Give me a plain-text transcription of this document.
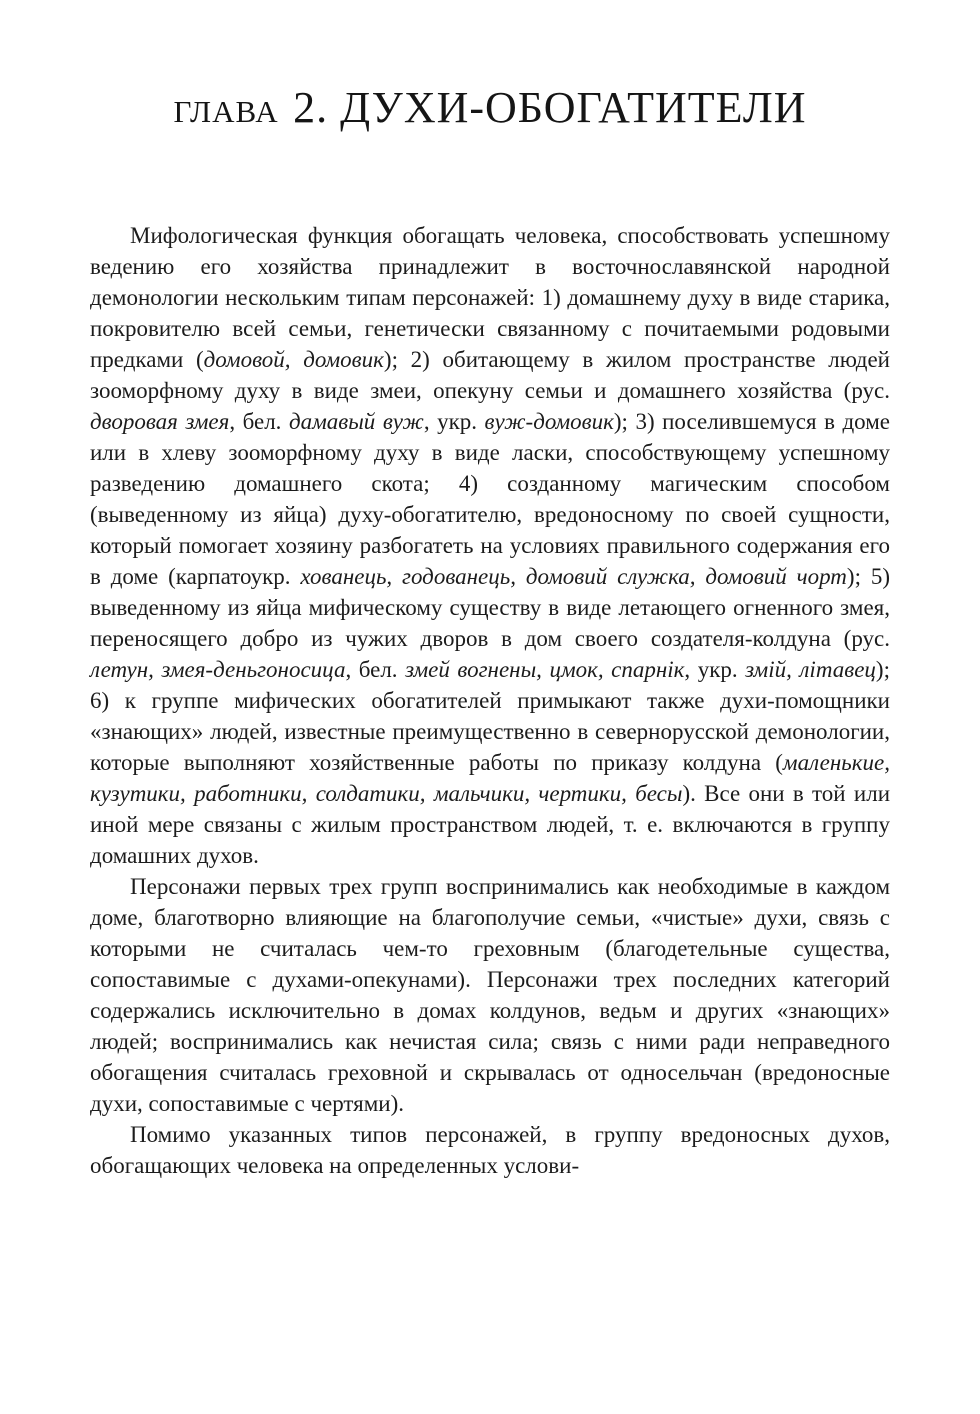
глава 2. ДУХИ-ОБОГАТИТЕЛИ

Мифологическая функция обогащать человека, способствовать успешному ведению его хозяйства принадлежит в восточнославянской народной демонологии нескольким типам персонажей: 1) домашнему духу в виде старика, покровителю всей семьи, генетически связанному с почитаемыми родовыми предками (домовой, домовик); 2) обитающему в жилом пространстве людей зооморфному духу в виде змеи, опекуну семьи и домашнего хозяйства (рус. дворовая змея, бел. дамавый вуж, укр. вуж-домовик); 3) поселившемуся в доме или в хлеву зооморфному духу в виде ласки, способствующему успешному разведению домашнего скота; 4) созданному магическим способом (выведенному из яйца) духу-обогатителю, вредоносному по своей сущности, который помогает хозяину разбогатеть на условиях правильного содержания его в доме (карпатоукр. хованець, годованець, домовий служка, домовий чорт); 5) выведенному из яйца мифическому существу в виде летающего огненного змея, переносящего добро из чужих дворов в дом своего создателя-колдуна (рус. летун, змея-деньгоносица, бел. змей вогнены, цмок, спарнік, укр. змій, літавец); 6) к группе мифических обогатителей примыкают также духи-помощники «знающих» людей, известные преимущественно в севернорусской демонологии, которые выполняют хозяйственные работы по приказу колдуна (маленькие, кузутики, работники, солдатики, мальчики, чертики, бесы). Все они в той или иной мере связаны с жилым пространством людей, т. е. включаются в группу домашних духов.

Персонажи первых трех групп воспринимались как необходимые в каждом доме, благотворно влияющие на благополучие семьи, «чистые» духи, связь с которыми не считалась чем-то греховным (благодетельные существа, сопоставимые с духами-опекунами). Персонажи трех последних категорий содержались исключительно в домах колдунов, ведьм и других «знающих» людей; воспринимались как нечистая сила; связь с ними ради неправедного обогащения считалась греховной и скрывалась от односельчан (вредоносные духи, сопоставимые с чертями).

Помимо указанных типов персонажей, в группу вредоносных духов, обогащающих человека на определенных услови-
